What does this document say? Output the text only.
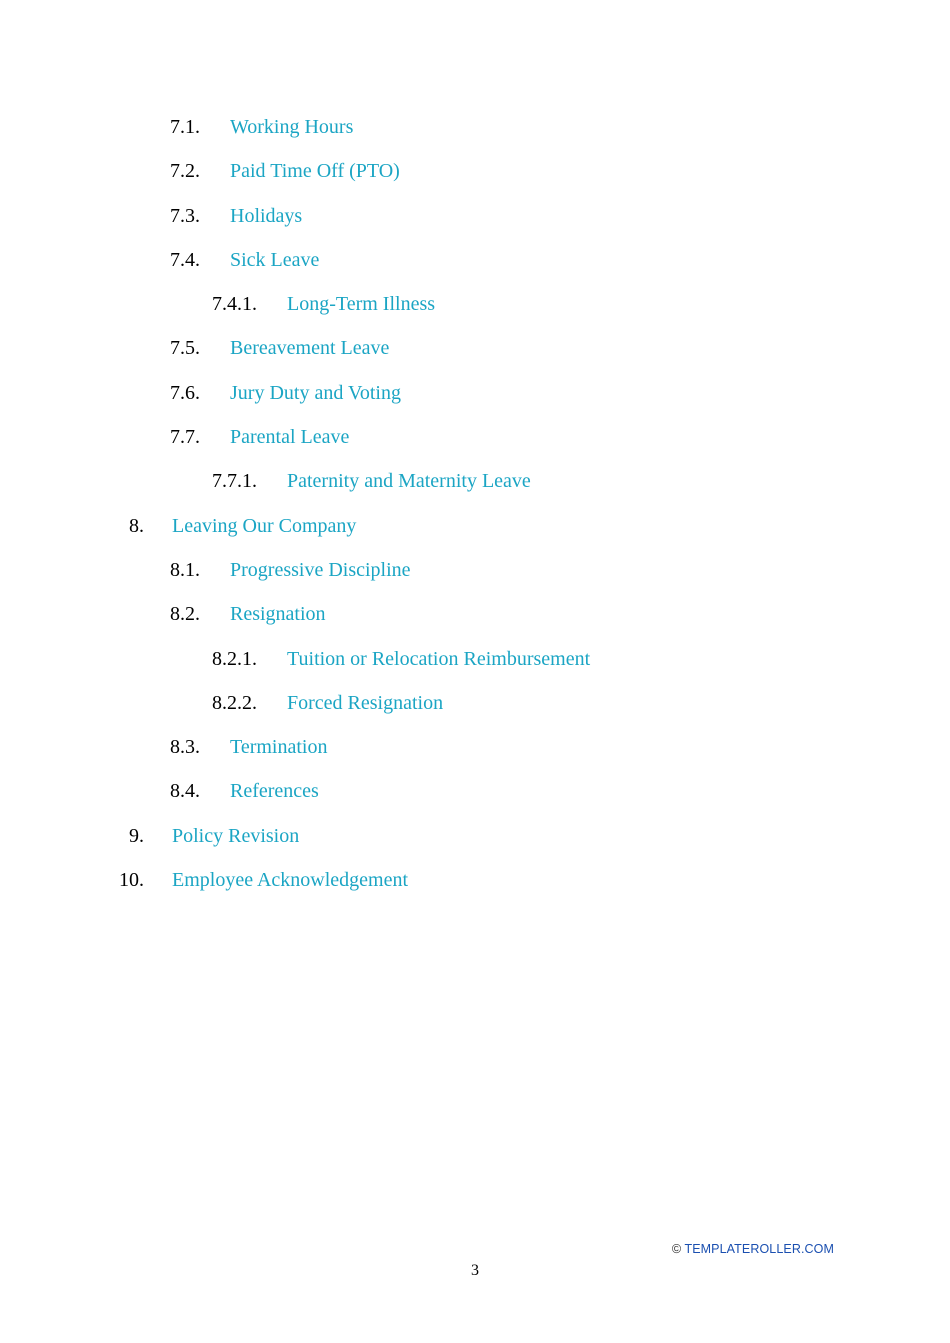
7.1. Working Hours
7.2. Paid Time Off (PTO)
7.3. Holidays
7.4. Sick Leave
7.4.1. Long-Term Illness
7.5. Bereavement Leave
7.6. Jury Duty and Voting
7.7. Parental Leave
7.7.1. Paternity and Maternity Leave
8. Leaving Our Company
8.1. Progressive Discipline
8.2. Resignation
8.2.1. Tuition or Relocation Reimbursement
8.2.2. Forced Resignation
8.3. Termination
8.4. References
9. Policy Revision
10. Employee Acknowledgement
© TEMPLATEROLLER.COM
3
